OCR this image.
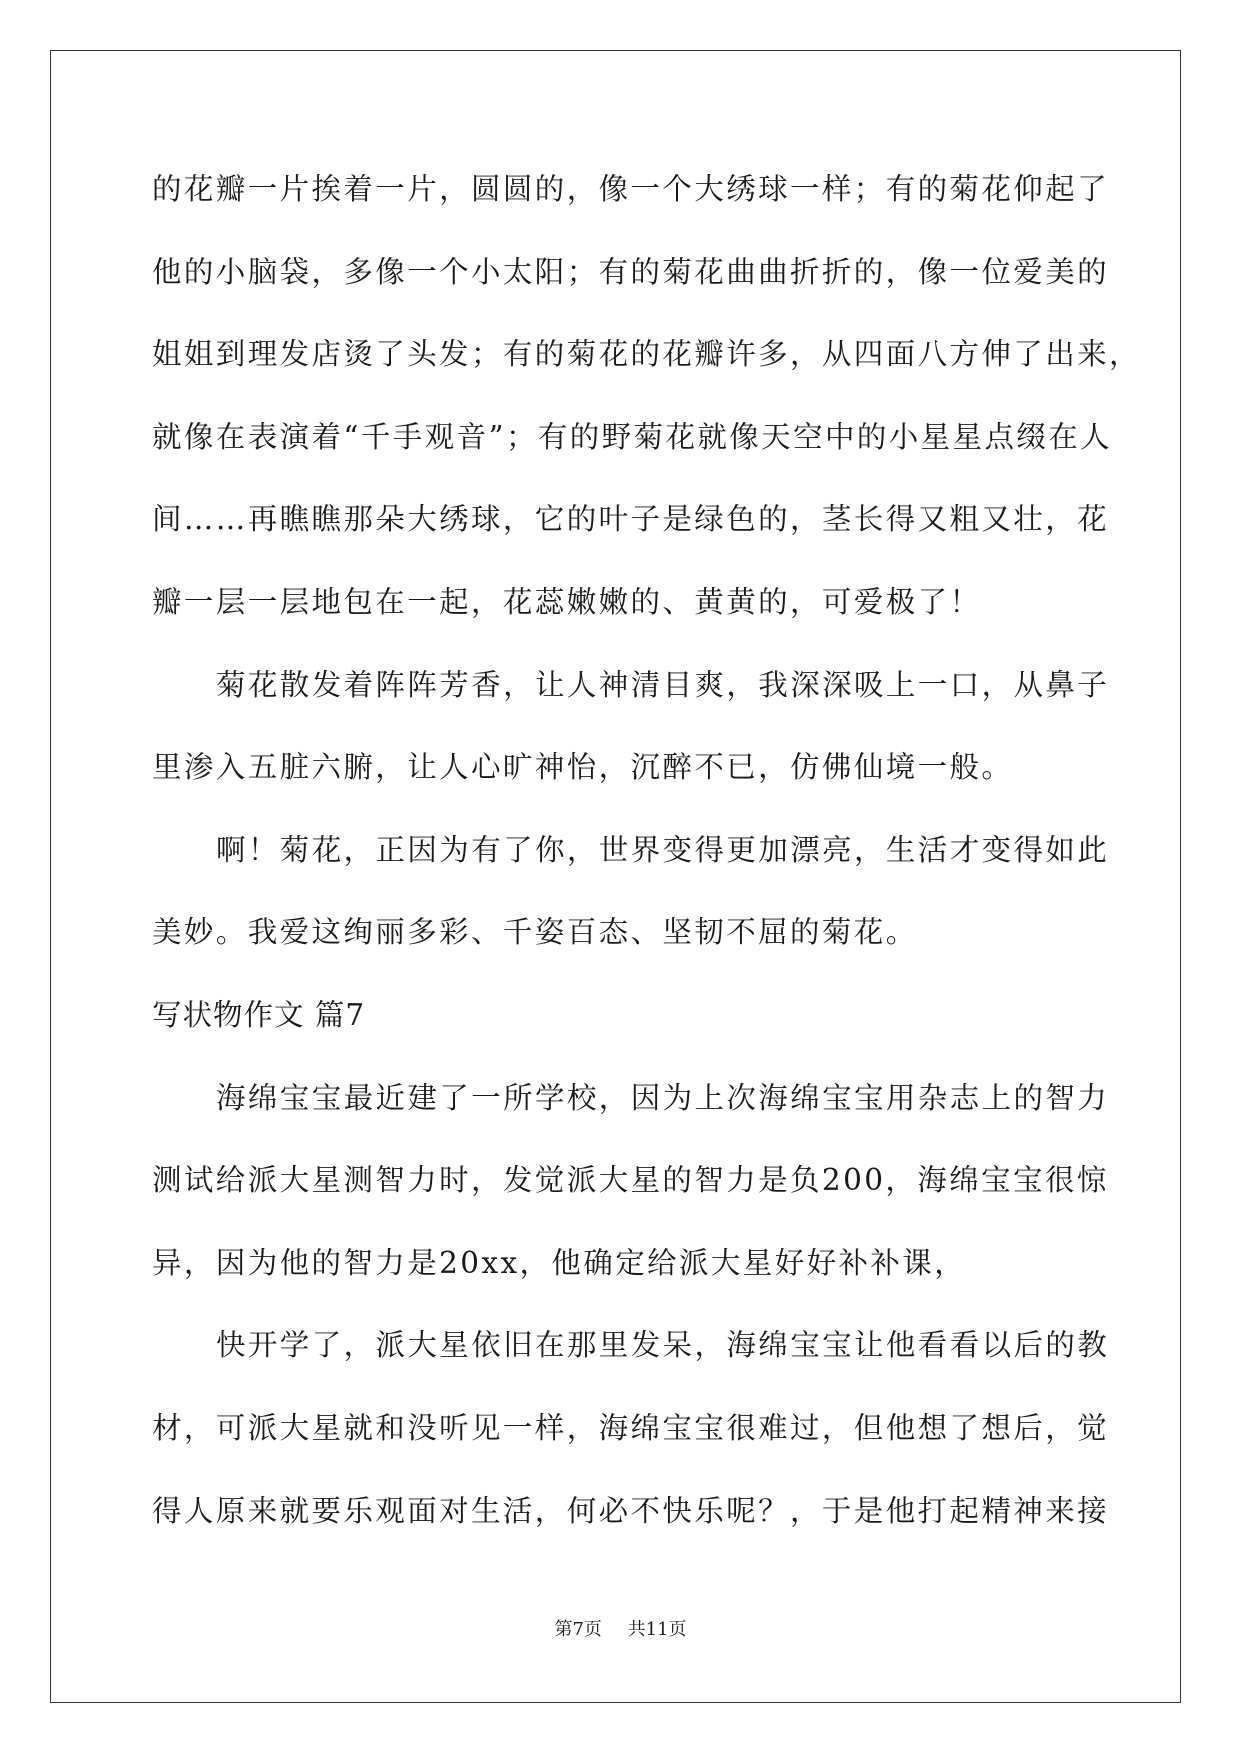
的花瓣一片挨着一片，圆圆的，像一个大绣球一样；有的菊花仰起了
他的小脑袋，多像一个小太阳；有的菊花曲曲折折的，像一位爱美的
姐姐到理发店烫了头发；有的菊花的花瓣许多，从四面八方伸了出来，
就像在表演着“千手观音”；有的野菊花就像天空中的小星星点缀在人
间……再瞧瞧那朵大绣球，它的叶子是绿色的，茎长得又粗又壮，花
瓣一层一层地包在一起，花蕊嫩嫩的、黄黄的，可爱极了！
菊花散发着阵阵芳香，让人神清目爽，我深深吸上一口，从鼻子
里渗入五脏六腑，让人心旷神怡，沉醉不已，仿佛仙境一般。
啊！菊花，正因为有了你，世界变得更加漂亮，生活才变得如此
美妙。我爱这绚丽多彩、千姿百态、坚韧不屈的菊花。
写状物作文 篇7
海绵宝宝最近建了一所学校，因为上次海绵宝宝用杂志上的智力
测试给派大星测智力时，发觉派大星的智力是负200，海绵宝宝很惊
异，因为他的智力是20xx，他确定给派大星好好补补课，
快开学了，派大星依旧在那里发呆，海绵宝宝让他看看以后的教
材，可派大星就和没听见一样，海绵宝宝很难过，但他想了想后，觉
得人原来就要乐观面对生活，何必不快乐呢？，于是他打起精神来接
第7页 共11页
